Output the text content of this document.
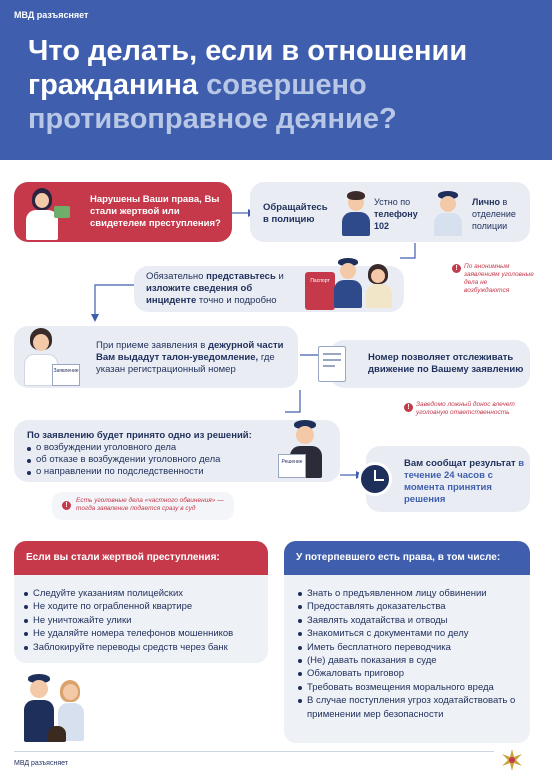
МВД разъясняет
Что делать, если в отношении
гражданина совершено
противоправное деяние?
Нарушены Ваши права, Вы стали жертвой или свидетелем преступления?
Обращайтесь в полицию
Устно по телефону 102
Лично в отделение полиции
! По анонимным заявлениям уголовные дела не возбуждаются
Обязательно представьтесь и изложите сведения об инциденте точно и подробно
Паспорт
При приеме заявления в дежурной части
Вам выдадут талон-уведомление, где указан регистрационный номер
Заявление
Номер позволяет отслеживать движение по Вашему заявлению
! Заведомо ложный донос влечет уголовную ответственность
По заявлению будет принято одно из решений:
о возбуждении уголовного дела
об отказе в возбуждении уголовного дела
о направлении по подследственности
Решение
!
Есть уголовные дела «частного обвинения» — тогда заявление подается сразу в суд
Вам сообщат результат в течение 24 часов с момента принятия решения
Если вы стали жертвой преступления:
Следуйте указаниям полицейских
Не ходите по ограбленной квартире
Не уничтожайте улики
Не удаляйте номера телефонов мошенников
Заблокируйте переводы средств через банк
У потерпевшего есть права, в том числе:
Знать о предъявленном лицу обвинении
Предоставлять доказательства
Заявлять ходатайства и отводы
Знакомиться с документами по делу
Иметь бесплатного переводчика
(Не) давать показания в суде
Обжаловать приговор
Требовать возмещения морального вреда
В случае поступления угроз ходатайствовать о применении мер безопасности
МВД разъясняет
